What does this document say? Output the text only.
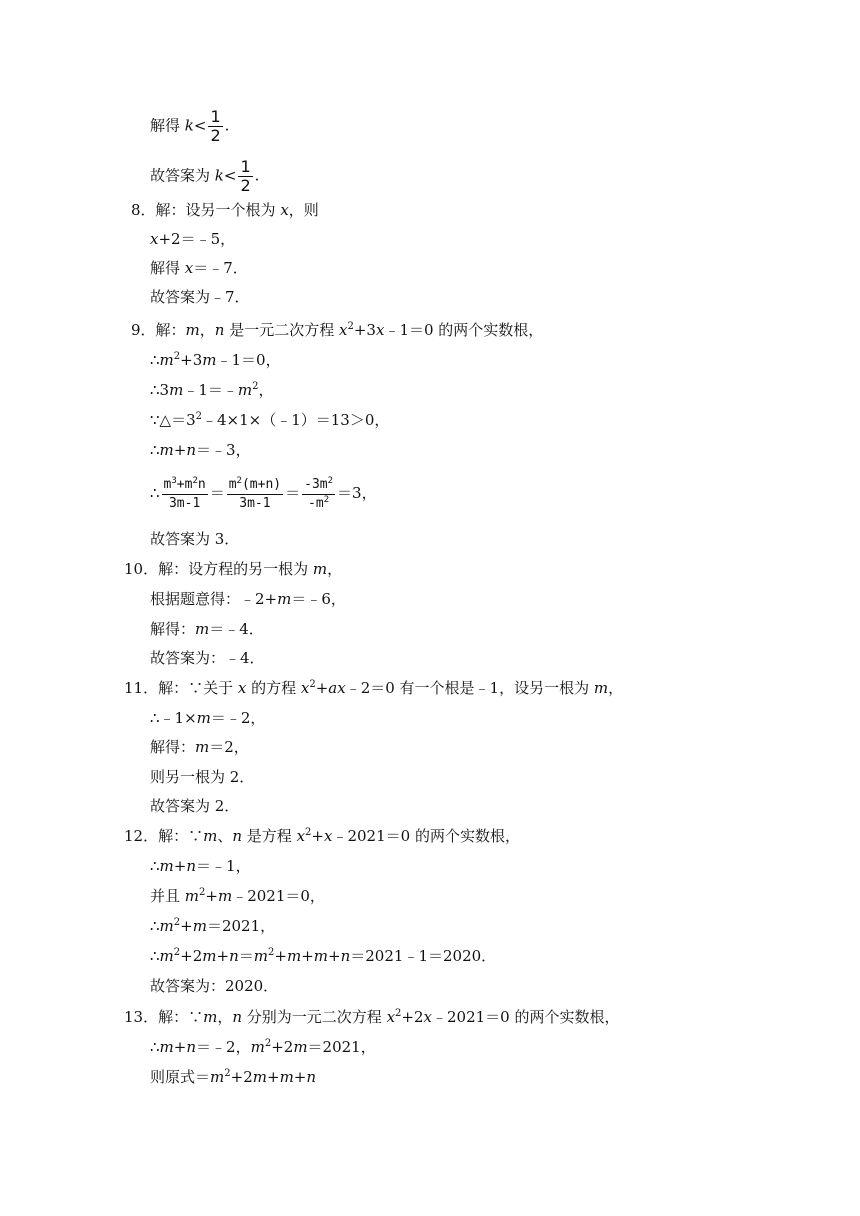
解得 $k< \frac{1}{2}$ .
故答案为 $k< \frac{1}{2}$ .
8．解：设另一个根为 x，则
x+2＝﹣5，
解得 x＝﹣7．
故答案为﹣7．
9．解：m，n 是一元二次方程 $x^2+3x﹣1=0$ 的两个实数根，
$\therefore m^2+3m﹣1=0$，
$\therefore 3m﹣1=﹣m^2$，
$\because\triangle=3^2﹣4\times 1\times(﹣1)=13>0$，
∴m+n＝﹣3，
∴ $\frac{m^3+m^2n}{3m-1} = \frac{m^2(m+n)}{3m-1} = \frac{-3m^2}{-m^2} =3$，
故答案为 3．
10．解：设方程的另一根为 m，
根据题意得：﹣2+m＝﹣6，
解得：m＝﹣4．
故答案为：﹣4．
11．解：∵关于 x 的方程 $x^2+ax﹣2=0$ 有一个根是﹣1，设另一根为 m，
∴﹣1×m＝﹣2，
解得：m＝2，
则另一根为 2．
故答案为 2．
12．解：∵m、n 是方程 $x^2+x﹣2021=0$ 的两个实数根，
∴m+n＝﹣1，
并且 $m^2+m﹣2021=0$，
$\therefore m^2+m=2021$，
$\therefore m^2+2m+n=m^2+m+m+n=2021﹣1=2020$．
故答案为：2020．
13．解：∵m，n 分别为一元二次方程 $x^2+2x﹣2021=0$ 的两个实数根，
∴m+n＝﹣2，$m^2+2m=2021$，
则原式$=m^2+2m+m+n$
